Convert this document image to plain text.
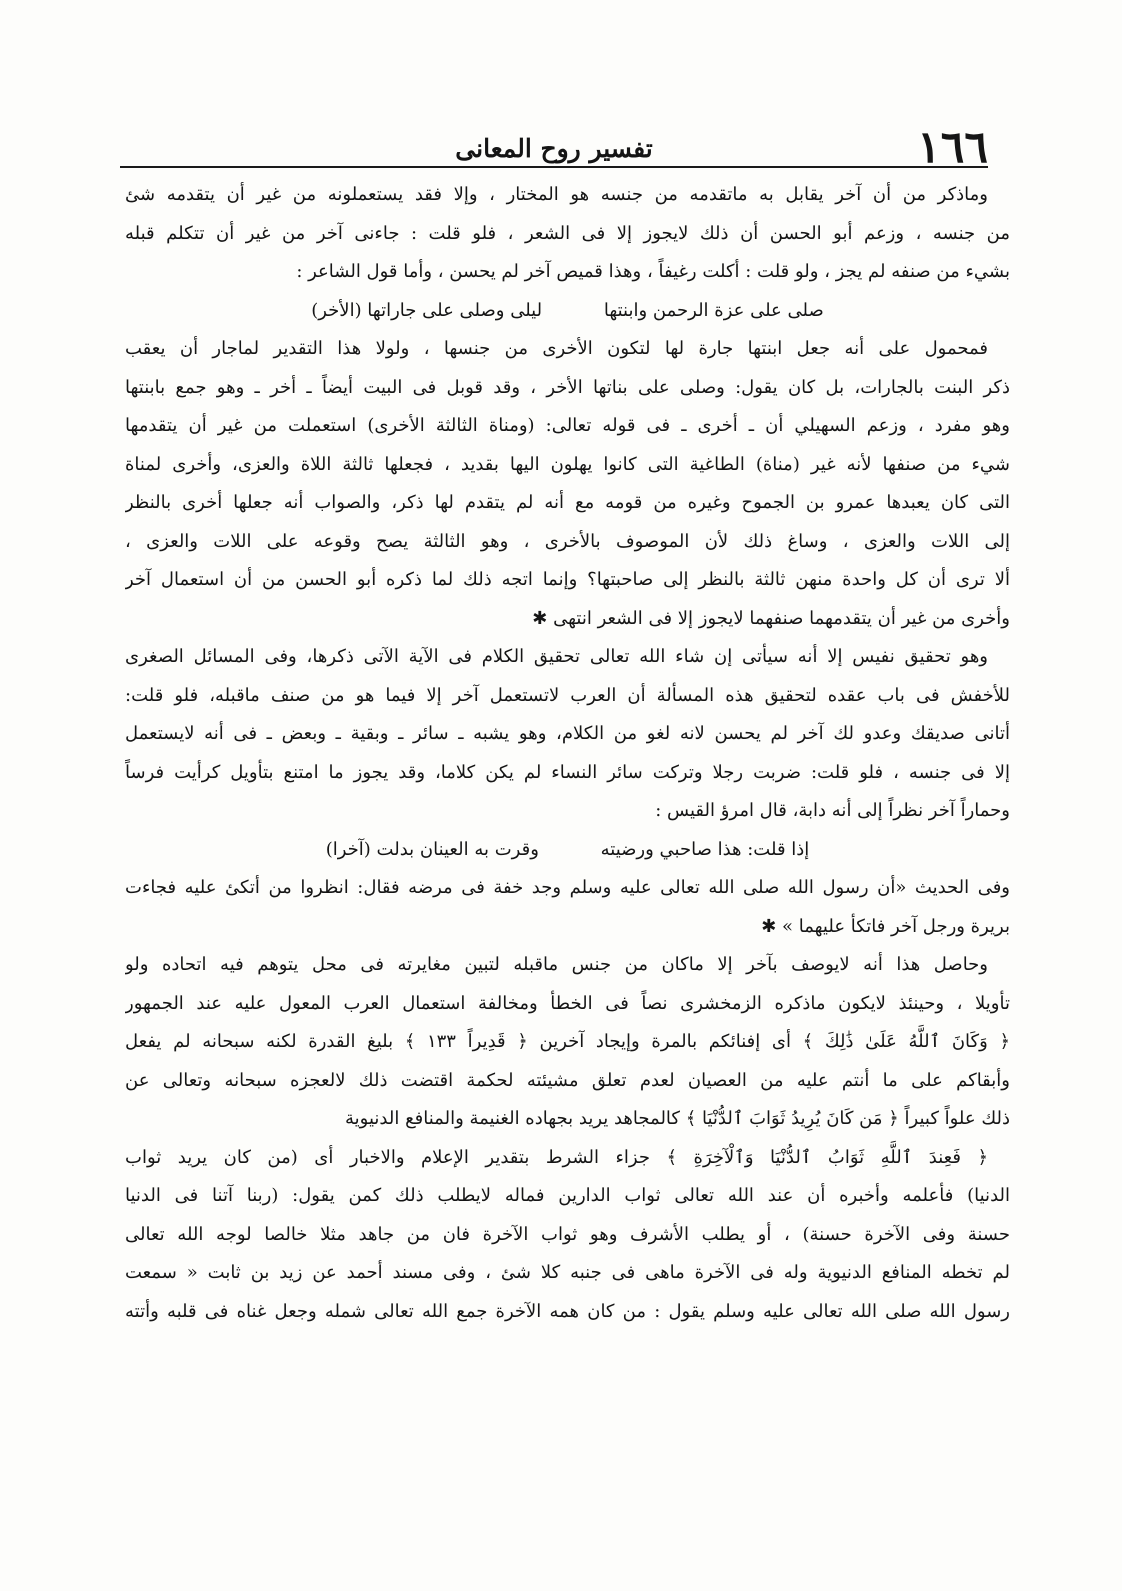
١٦٦
تفسير روح المعانى
وماذكر من أن آخر يقابل به ماتقدمه من جنسه هو المختار ، وإلا فقد يستعملونه من غير أن يتقدمه شئ
من جنسه ، وزعم أبو الحسن أن ذلك لايجوز إلا فى الشعر ، فلو قلت : جاءنى آخر من غير أن تتكلم قبله
بشيء من صنفه لم يجز ، ولو قلت : أكلت رغيفاً ، وهذا قميص آخر لم يحسن ، وأما قول الشاعر :
صلى على عزة الرحمن وابنتها ليلى وصلى على جاراتها (الأخر)
فمحمول على أنه جعل ابنتها جارة لها لتكون الأخرى من جنسها ، ولولا هذا التقدير لماجار أن يعقب
ذكر البنت بالجارات، بل كان يقول: وصلى على بناتها الأخر ، وقد قوبل فى البيت أيضاً ـ أخر ـ وهو جمع بابنتها
وهو مفرد ، وزعم السهيلي أن ـ أخرى ـ فى قوله تعالى: (ومناة الثالثة الأخرى) استعملت من غير أن يتقدمها
شيء من صنفها لأنه غير (مناة) الطاغية التى كانوا يهلون اليها بقديد ، فجعلها ثالثة اللاة والعزى، وأخرى لمناة
التى كان يعبدها عمرو بن الجموح وغيره من قومه مع أنه لم يتقدم لها ذكر، والصواب أنه جعلها أخرى بالنظر
إلى اللات والعزى ، وساغ ذلك لأن الموصوف بالأخرى ، وهو الثالثة يصح وقوعه على اللات والعزى ،
ألا ترى أن كل واحدة منهن ثالثة بالنظر إلى صاحبتها؟ وإنما اتجه ذلك لما ذكره أبو الحسن من أن استعمال آخر
وأخرى من غير أن يتقدمهما صنفهما لايجوز إلا فى الشعر انتهى ✱
وهو تحقيق نفيس إلا أنه سيأتى إن شاء الله تعالى تحقيق الكلام فى الآية الآتى ذكرها، وفى المسائل الصغرى
للأخفش فى باب عقده لتحقيق هذه المسألة أن العرب لاتستعمل آخر إلا فيما هو من صنف ماقبله، فلو قلت:
أتانى صديقك وعدو لك آخر لم يحسن لانه لغو من الكلام، وهو يشبه ـ سائر ـ وبقية ـ وبعض ـ فى أنه لايستعمل
إلا فى جنسه ، فلو قلت: ضربت رجلا وتركت سائر النساء لم يكن كلاما، وقد يجوز ما امتنع بتأويل كرأيت فرساً
وحماراً آخر نظراً إلى أنه دابة، قال امرؤ القيس :
إذا قلت: هذا صاحبي ورضيته وقرت به العينان بدلت (آخرا)
وفى الحديث «أن رسول الله صلى الله تعالى عليه وسلم وجد خفة فى مرضه فقال: انظروا من أتكئ عليه فجاءت
بريرة ورجل آخر فاتكأ عليهما » ✱
وحاصل هذا أنه لايوصف بآخر إلا ماكان من جنس ماقبله لتبين مغايرته فى محل يتوهم فيه اتحاده ولو
تأويلا ، وحينئذ لايكون ماذكره الزمخشرى نصاً فى الخطأ ومخالفة استعمال العرب المعول عليه عند الجمهور
﴿ وَكَانَ ٱللَّهُ عَلَىٰ ذَٰلِكَ ﴾ أى إفنائكم بالمرة وإيجاد آخرين ﴿ قَدِيراً ١٣٣ ﴾ بليغ القدرة لكنه سبحانه لم يفعل
وأبقاكم على ما أنتم عليه من العصيان لعدم تعلق مشيئته لحكمة اقتضت ذلك لالعجزه سبحانه وتعالى عن
ذلك علواً كبيراً ﴿ مَن كَانَ يُرِيدُ ثَوَابَ ٱلدُّنْيَا ﴾ كالمجاهد يريد بجهاده الغنيمة والمنافع الدنيوية
﴿ فَعِندَ ٱللَّهِ ثَوَابُ ٱلدُّنْيَا وَٱلْآخِرَةِ ﴾ جزاء الشرط بتقدير الإعلام والاخبار أى (من كان يريد ثواب
الدنيا) فأعلمه وأخبره أن عند الله تعالى ثواب الدارين فماله لايطلب ذلك كمن يقول: (ربنا آتنا فى الدنيا
حسنة وفى الآخرة حسنة) ، أو يطلب الأشرف وهو ثواب الآخرة فان من جاهد مثلا خالصا لوجه الله تعالى
لم تخطه المنافع الدنيوية وله فى الآخرة ماهى فى جنبه كلا شئ ، وفى مسند أحمد عن زيد بن ثابت « سمعت
رسول الله صلى الله تعالى عليه وسلم يقول : من كان همه الآخرة جمع الله تعالى شمله وجعل غناه فى قلبه وأتته
